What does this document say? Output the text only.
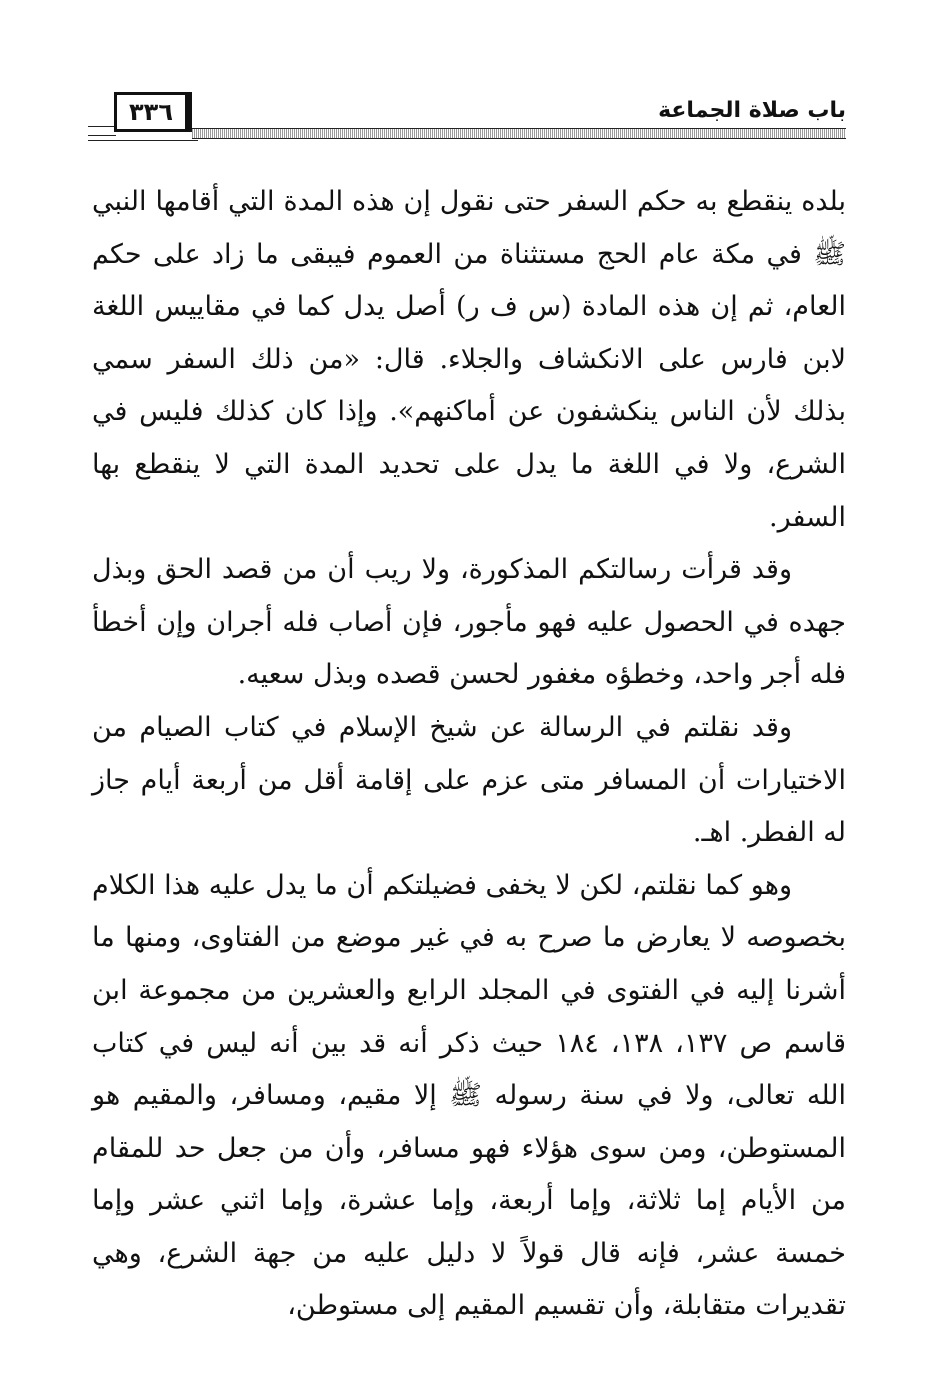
٣٣٦	باب صلاة الجماعة

بلده ينقطع به حكم السفر حتى نقول إن هذه المدة التي أقامها النبي ﷺ في مكة عام الحج مستثناة من العموم فيبقى ما زاد على حكم العام، ثم إن هذه المادة (س ف ر) أصل يدل كما في مقاييس اللغة لابن فارس على الانكشاف والجلاء. قال: «من ذلك السفر سمي بذلك لأن الناس ينكشفون عن أماكنهم». وإذا كان كذلك فليس في الشرع، ولا في اللغة ما يدل على تحديد المدة التي لا ينقطع بها السفر.

وقد قرأت رسالتكم المذكورة، ولا ريب أن من قصد الحق وبذل جهده في الحصول عليه فهو مأجور، فإن أصاب فله أجران وإن أخطأ فله أجر واحد، وخطؤه مغفور لحسن قصده وبذل سعيه.

وقد نقلتم في الرسالة عن شيخ الإسلام في كتاب الصيام من الاختيارات أن المسافر متى عزم على إقامة أقل من أربعة أيام جاز له الفطر. اهـ.

وهو كما نقلتم، لكن لا يخفى فضيلتكم أن ما يدل عليه هذا الكلام بخصوصه لا يعارض ما صرح به في غير موضع من الفتاوى، ومنها ما أشرنا إليه في الفتوى في المجلد الرابع والعشرين من مجموعة ابن قاسم ص ١٣٧، ١٣٨، ١٨٤ حيث ذكر أنه قد بين أنه ليس في كتاب الله تعالى، ولا في سنة رسوله ﷺ إلا مقيم، ومسافر، والمقيم هو المستوطن، ومن سوى هؤلاء فهو مسافر، وأن من جعل حد للمقام من الأيام إما ثلاثة، وإما أربعة، وإما عشرة، وإما اثني عشر وإما خمسة عشر، فإنه قال قولاً لا دليل عليه من جهة الشرع، وهي تقديرات متقابلة، وأن تقسيم المقيم إلى مستوطن،
